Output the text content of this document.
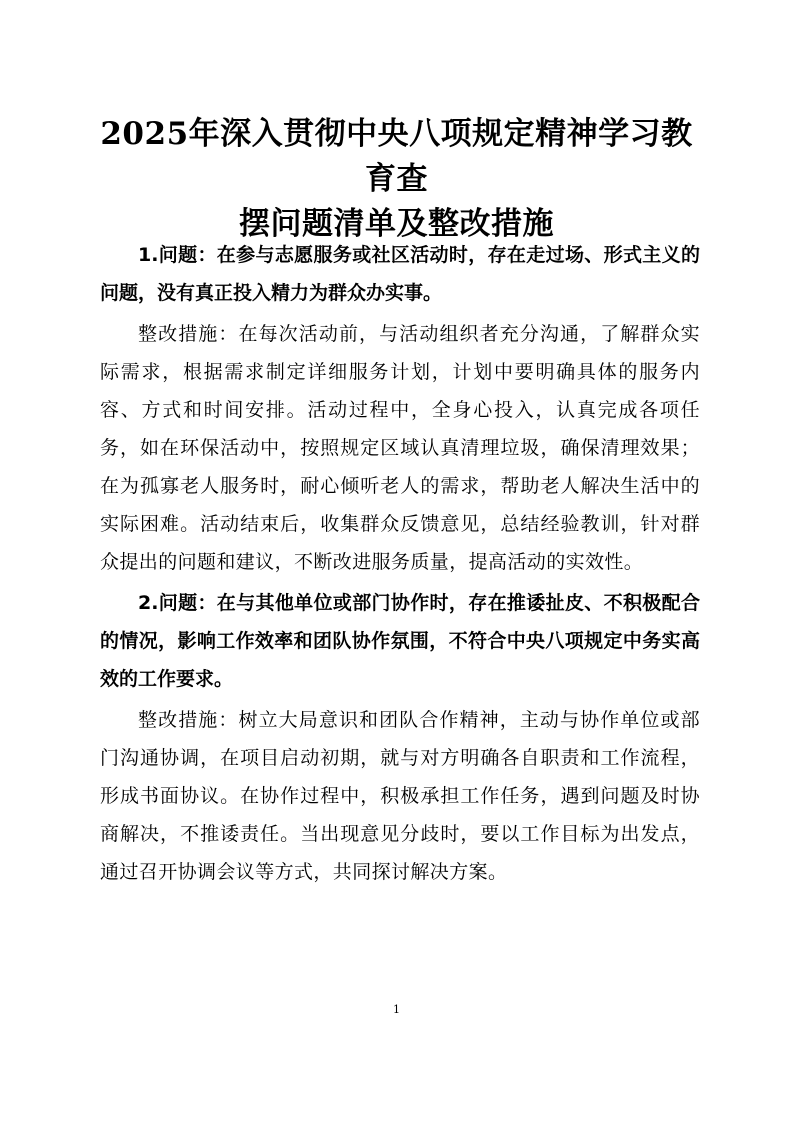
2025年深入贯彻中央八项规定精神学习教育查
摆问题清单及整改措施

1.问题：在参与志愿服务或社区活动时，存在走过场、形式主义的问题，没有真正投入精力为群众办实事。

整改措施：在每次活动前，与活动组织者充分沟通，了解群众实际需求，根据需求制定详细服务计划，计划中要明确具体的服务内容、方式和时间安排。活动过程中，全身心投入，认真完成各项任务，如在环保活动中，按照规定区域认真清理垃圾，确保清理效果；在为孤寡老人服务时，耐心倾听老人的需求，帮助老人解决生活中的实际困难。活动结束后，收集群众反馈意见，总结经验教训，针对群众提出的问题和建议，不断改进服务质量，提高活动的实效性。

2.问题：在与其他单位或部门协作时，存在推诿扯皮、不积极配合的情况，影响工作效率和团队协作氛围，不符合中央八项规定中务实高效的工作要求。

整改措施：树立大局意识和团队合作精神，主动与协作单位或部门沟通协调，在项目启动初期，就与对方明确各自职责和工作流程，形成书面协议。在协作过程中，积极承担工作任务，遇到问题及时协商解决，不推诿责任。当出现意见分歧时，要以工作目标为出发点，通过召开协调会议等方式，共同探讨解决方案。

1
